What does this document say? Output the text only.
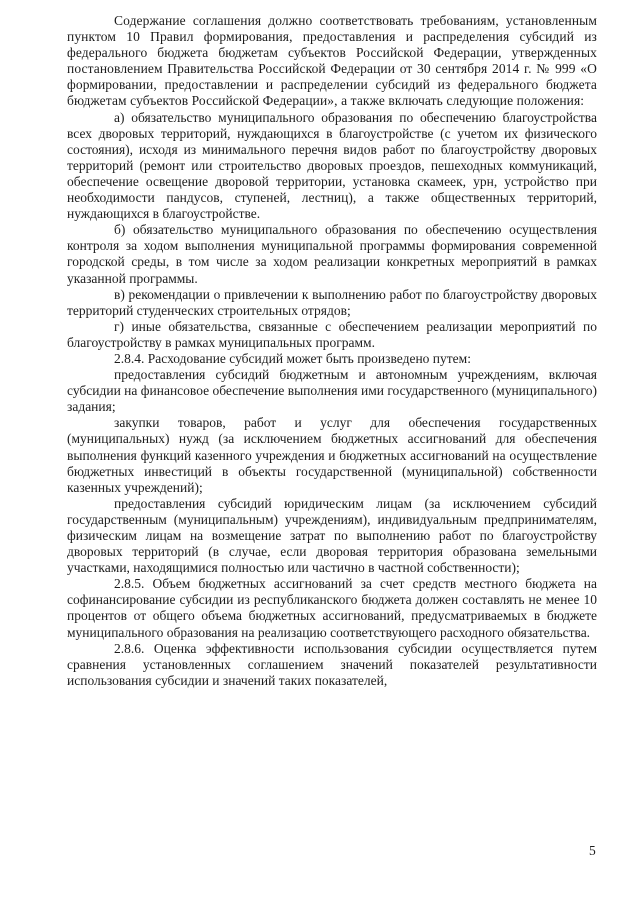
Содержание соглашения должно соответствовать требованиям, установленным пунктом 10 Правил формирования, предоставления и распределения субсидий из федерального бюджета бюджетам субъектов Российской Федерации, утвержденных постановлением Правительства Российской Федерации от 30 сентября 2014 г. № 999 «О формировании, предоставлении и распределении субсидий из федерального бюджета бюджетам субъектов Российской Федерации», а также включать следующие положения:

а) обязательство муниципального образования по обеспечению благоустройства всех дворовых территорий, нуждающихся в благоустройстве (с учетом их физического состояния), исходя из минимального перечня видов работ по благоустройству дворовых территорий (ремонт или строительство дворовых проездов, пешеходных коммуникаций, обеспечение освещение дворовой территории, установка скамеек, урн, устройство при необходимости пандусов, ступеней, лестниц), а также общественных территорий, нуждающихся в благоустройстве.

б) обязательство муниципального образования по обеспечению осуществления контроля за ходом выполнения муниципальной программы формирования современной городской среды, в том числе за ходом реализации конкретных мероприятий в рамках указанной программы.

в) рекомендации о привлечении к выполнению работ по благоустройству дворовых территорий студенческих строительных отрядов;

г) иные обязательства, связанные с обеспечением реализации мероприятий по благоустройству в рамках муниципальных программ.

2.8.4. Расходование субсидий может быть произведено путем:

предоставления субсидий бюджетным и автономным учреждениям, включая субсидии на финансовое обеспечение выполнения ими государственного (муниципального) задания;

закупки товаров, работ и услуг для обеспечения государственных (муниципальных) нужд (за исключением бюджетных ассигнований для обеспечения выполнения функций казенного учреждения и бюджетных ассигнований на осуществление бюджетных инвестиций в объекты государственной (муниципальной) собственности казенных учреждений);

предоставления субсидий юридическим лицам (за исключением субсидий государственным (муниципальным) учреждениям), индивидуальным предпринимателям, физическим лицам на возмещение затрат по выполнению работ по благоустройству дворовых территорий (в случае, если дворовая территория образована земельными участками, находящимися полностью или частично в частной собственности);

2.8.5. Объем бюджетных ассигнований за счет средств местного бюджета на софинансирование субсидии из республиканского бюджета должен составлять не менее 10 процентов от общего объема бюджетных ассигнований, предусматриваемых в бюджете муниципального образования на реализацию соответствующего расходного обязательства.

2.8.6. Оценка эффективности использования субсидии осуществляется путем сравнения установленных соглашением значений показателей результативности использования субсидии и значений таких показателей,

5
